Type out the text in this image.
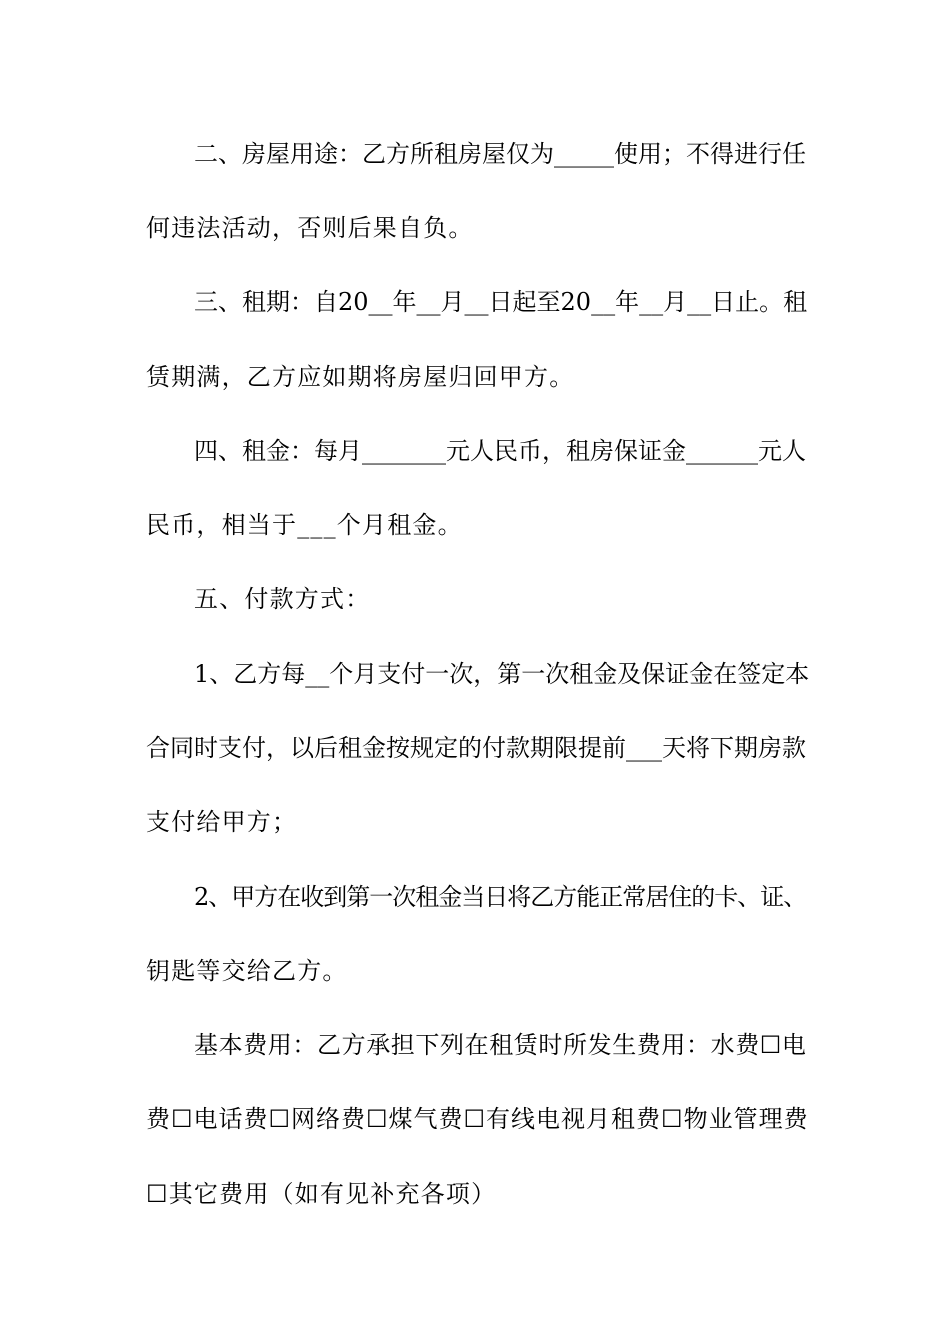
二、房屋用途：乙方所租房屋仅为_____使用；不得进行任
何违法活动，否则后果自负。
三、租期：自20__年__月__日起至20__年__月__日止。租
赁期满，乙方应如期将房屋归回甲方。
四、租金：每月_______元人民币，租房保证金______元人
民币，相当于___个月租金。
五、付款方式：
1、乙方每__个月支付一次，第一次租金及保证金在签定本
合同时支付，以后租金按规定的付款期限提前___天将下期房款
支付给甲方；
2、甲方在收到第一次租金当日将乙方能正常居住的卡、证、
钥匙等交给乙方。
基本费用：乙方承担下列在租赁时所发生费用：水费☐电
费☐电话费☐网络费☐煤气费☐有线电视月租费☐物业管理费
☐其它费用（如有见补充各项）
